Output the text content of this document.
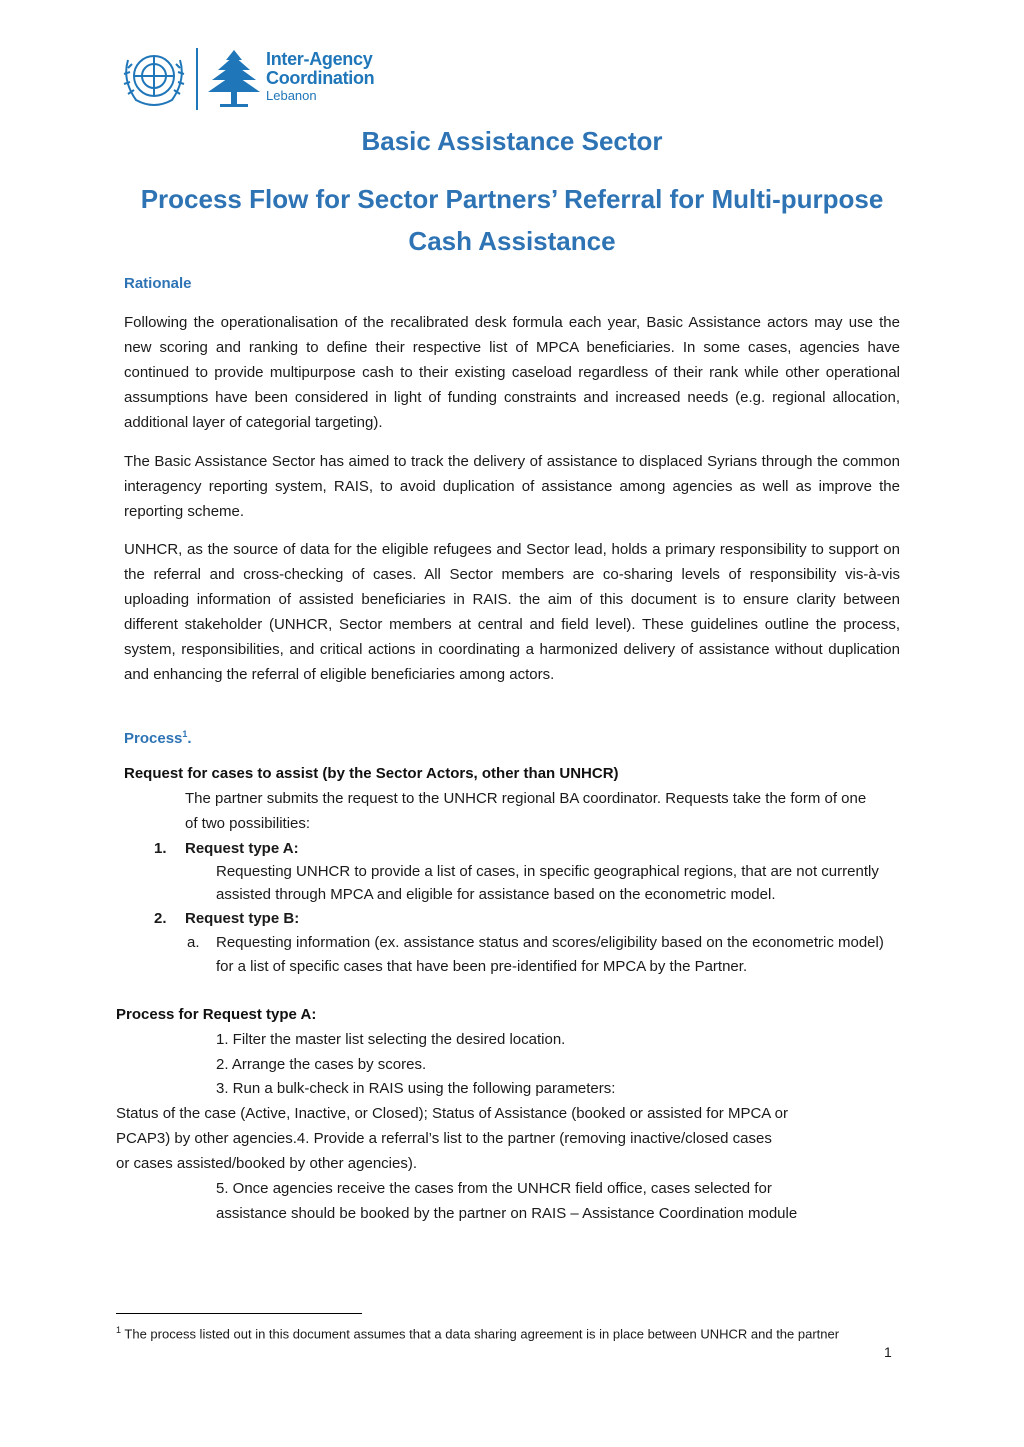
Inter-Agency
Coordination
Lebanon
Basic Assistance Sector
Process Flow for Sector Partners’ Referral for Multi-purpose Cash Assistance
Rationale
Following the operationalisation of the recalibrated desk formula each year, Basic Assistance actors may use the new scoring and ranking to define their respective list of MPCA beneficiaries. In some cases, agencies have continued to provide multipurpose cash to their existing caseload regardless of their rank while other operational assumptions have been considered in light of funding constraints and increased needs (e.g. regional allocation, additional layer of categorial targeting).
The Basic Assistance Sector has aimed to track the delivery of assistance to displaced Syrians through the common interagency reporting system, RAIS, to avoid duplication of assistance among agencies as well as improve the reporting scheme.
UNHCR, as the source of data for the eligible refugees and Sector lead, holds a primary responsibility to support on the referral and cross-checking of cases. All Sector members are co-sharing levels of responsibility vis-à-vis uploading information of assisted beneficiaries in RAIS. the aim of this document is to ensure clarity between different stakeholder (UNHCR, Sector members at central and field level). These guidelines outline the process, system, responsibilities, and critical actions in coordinating a harmonized delivery of assistance without duplication and enhancing the referral of eligible beneficiaries among actors.
Process$^1$.
Request for cases to assist (by the Sector Actors, other than UNHCR)
The partner submits the request to the UNHCR regional BA coordinator. Requests take the form of one
of two possibilities:
1. Request type A:
Requesting UNHCR to provide a list of cases, in specific geographical regions, that are not currently
assisted through MPCA and eligible for assistance based on the econometric model.
2. Request type B:
a. Requesting information (ex. assistance status and scores/eligibility based on the econometric model)
for a list of specific cases that have been pre-identified for MPCA by the Partner.
Process for Request type A:
1. Filter the master list selecting the desired location.
2. Arrange the cases by scores.
3. Run a bulk-check in RAIS using the following parameters:
Status of the case (Active, Inactive, or Closed); Status of Assistance (booked or assisted for MPCA or
PCAP3) by other agencies.4. Provide a referral’s list to the partner (removing inactive/closed cases
or cases assisted/booked by other agencies).
5. Once agencies receive the cases from the UNHCR field office, cases selected for
assistance should be booked by the partner on RAIS – Assistance Coordination module
$^1$ The process listed out in this document assumes that a data sharing agreement is in place between UNHCR and the partner
1
